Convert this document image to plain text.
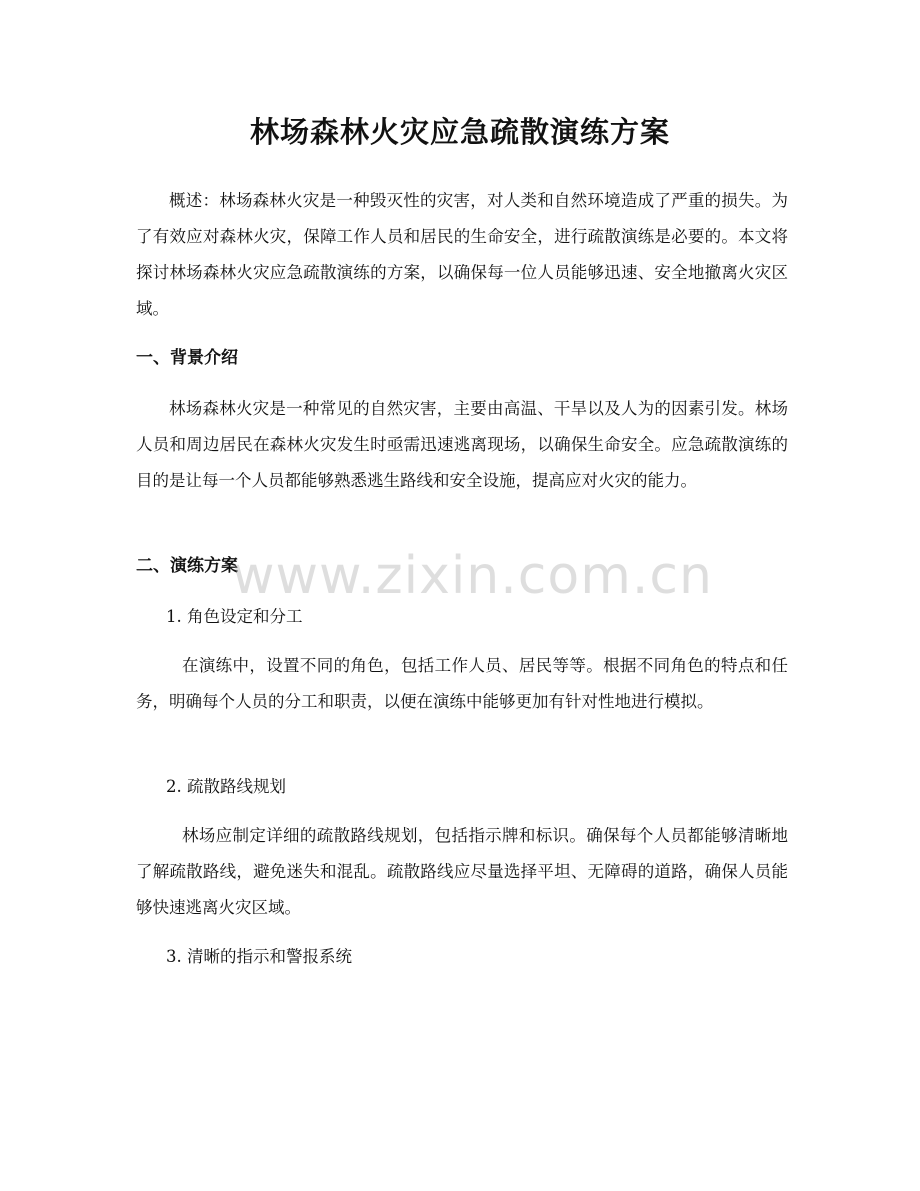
林场森林火灾应急疏散演练方案
概述：林场森林火灾是一种毁灭性的灾害，对人类和自然环境造成了严重的损失。为了有效应对森林火灾，保障工作人员和居民的生命安全，进行疏散演练是必要的。本文将探讨林场森林火灾应急疏散演练的方案，以确保每一位人员能够迅速、安全地撤离火灾区域。
一、背景介绍
林场森林火灾是一种常见的自然灾害，主要由高温、干旱以及人为的因素引发。林场人员和周边居民在森林火灾发生时亟需迅速逃离现场，以确保生命安全。应急疏散演练的目的是让每一个人员都能够熟悉逃生路线和安全设施，提高应对火灾的能力。
二、演练方案
1. 角色设定和分工
在演练中，设置不同的角色，包括工作人员、居民等等。根据不同角色的特点和任务，明确每个人员的分工和职责，以便在演练中能够更加有针对性地进行模拟。
2. 疏散路线规划
林场应制定详细的疏散路线规划，包括指示牌和标识。确保每个人员都能够清晰地了解疏散路线，避免迷失和混乱。疏散路线应尽量选择平坦、无障碍的道路，确保人员能够快速逃离火灾区域。
3. 清晰的指示和警报系统
www.zixin.com.cn
